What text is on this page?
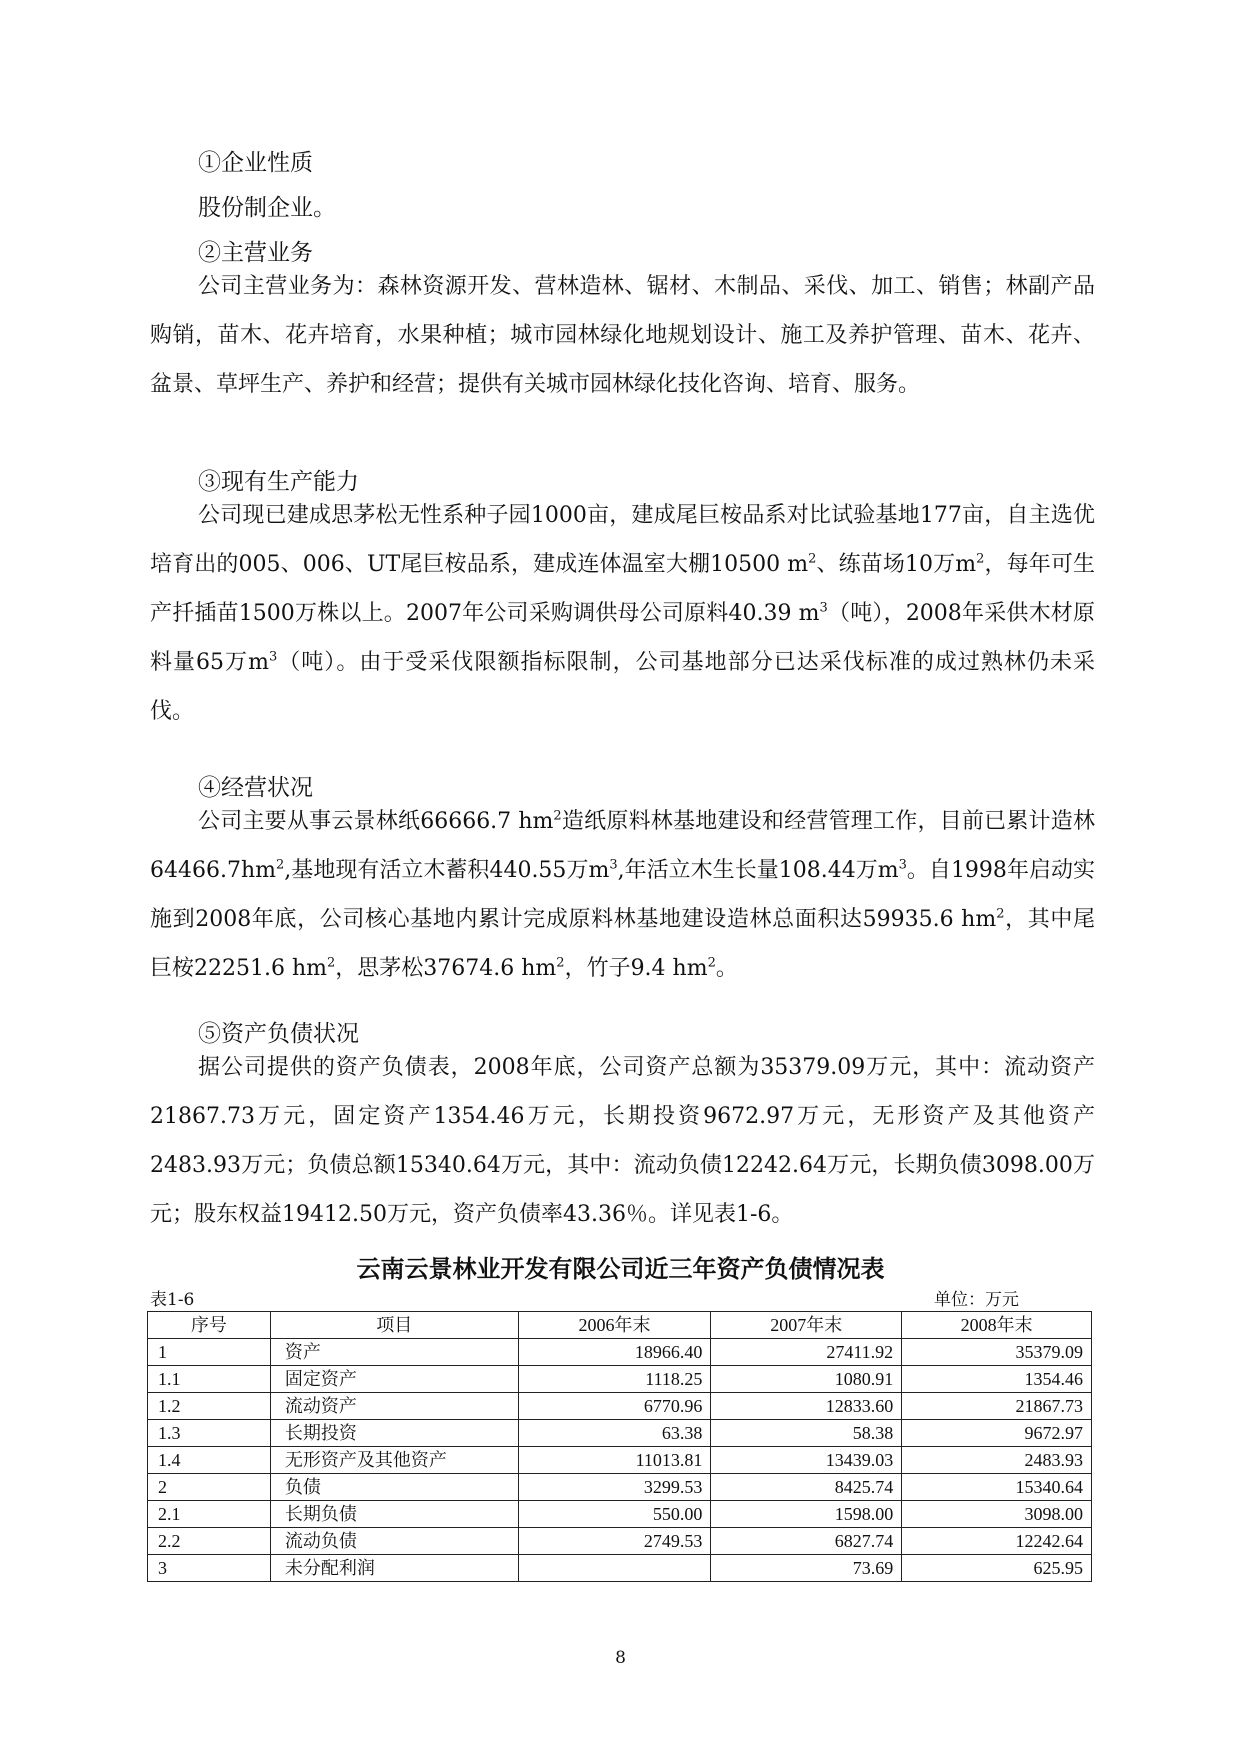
①企业性质
股份制企业。
②主营业务
公司主营业务为：森林资源开发、营林造林、锯材、木制品、采伐、加工、销售；林副产品购销，苗木、花卉培育，水果种植；城市园林绿化地规划设计、施工及养护管理、苗木、花卉、盆景、草坪生产、养护和经营；提供有关城市园林绿化技化咨询、培育、服务。
③现有生产能力
公司现已建成思茅松无性系种子园1000亩，建成尾巨桉品系对比试验基地177亩，自主选优培育出的005、006、UT尾巨桉品系，建成连体温室大棚10500 $m^2$、练苗场10万$m^2$，每年可生产扦插苗1500万株以上。2007年公司采购调供母公司原料40.39 $m^3$（吨），2008年采供木材原料量65万$m^3$（吨）。由于受采伐限额指标限制，公司基地部分已达采伐标准的成过熟林仍未采伐。
④经营状况
公司主要从事云景林纸66666.7 $hm^2$造纸原料林基地建设和经营管理工作，目前已累计造林$64466.7hm^2$,基地现有活立木蓄积440.55万$m^3$,年活立木生长量108.44万$m^3$。自1998年启动实施到2008年底，公司核心基地内累计完成原料林基地建设造林总面积达59935.6 $hm^2$，其中尾巨桉22251.6 $hm^2$，思茅松37674.6 $hm^2$，竹子9.4 $hm^2$。
⑤资产负债状况
据公司提供的资产负债表，2008年底，公司资产总额为35379.09万元，其中：流动资产21867.73万元，固定资产1354.46万元，长期投资9672.97万元，无形资产及其他资产2483.93万元；负债总额15340.64万元，其中：流动负债12242.64万元，长期负债3098.00万元；股东权益19412.50万元，资产负债率43.36％。详见表1-6。
云南云景林业开发有限公司近三年资产负债情况表
表1-6	单位：万元
序号	项目	2006年末	2007年末	2008年末
1	资产	18966.40	27411.92	35379.09
1.1	固定资产	1118.25	1080.91	1354.46
1.2	流动资产	6770.96	12833.60	21867.73
1.3	长期投资	63.38	58.38	9672.97
1.4	无形资产及其他资产	11013.81	13439.03	2483.93
2	负债	3299.53	8425.74	15340.64
2.1	长期负债	550.00	1598.00	3098.00
2.2	流动负债	2749.53	6827.74	12242.64
3	未分配利润		73.69	625.95
8
